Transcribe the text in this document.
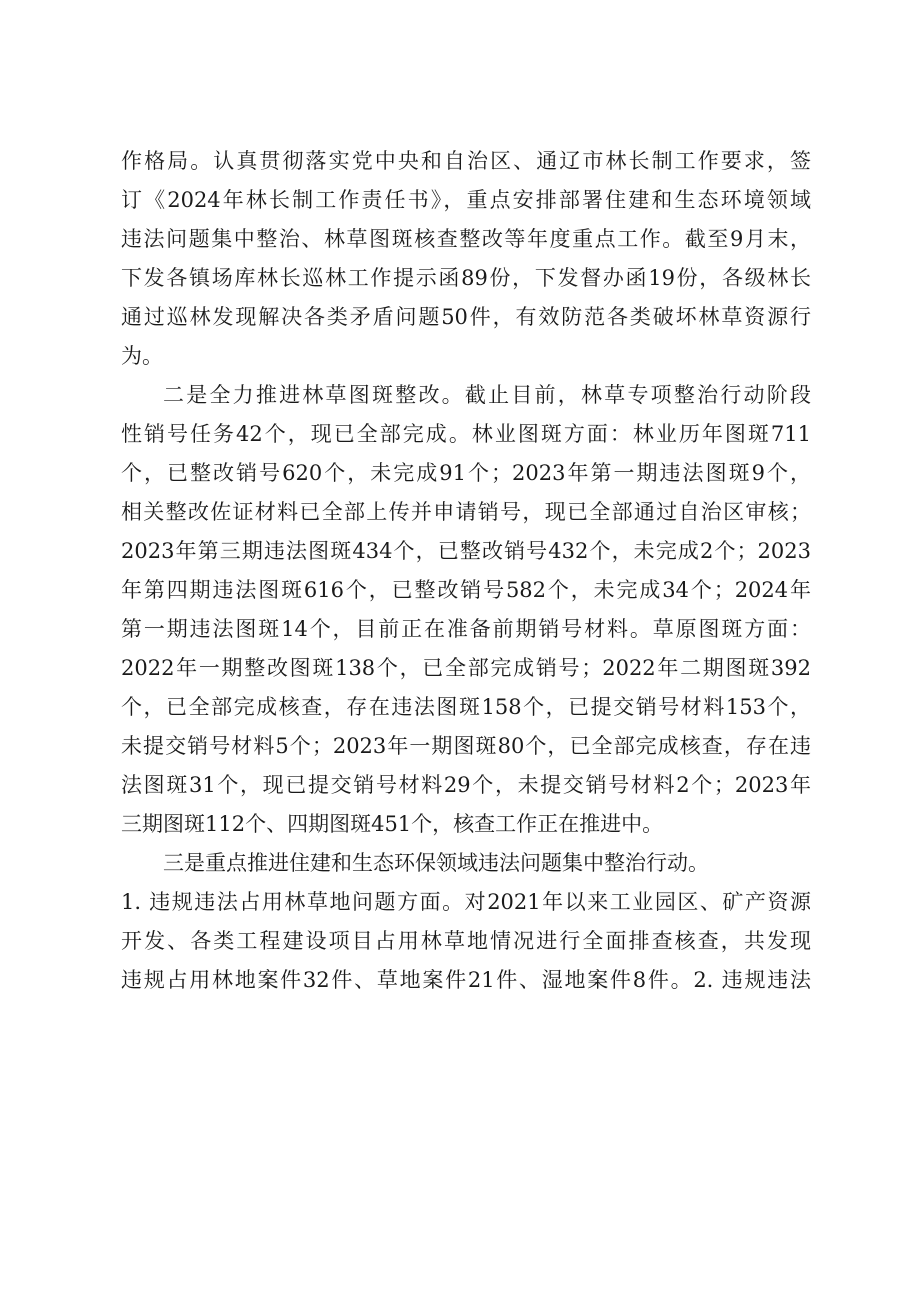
作格局。认真贯彻落实党中央和自治区、通辽市林长制工作要求，签
订《2024年林长制工作责任书》，重点安排部署住建和生态环境领域
违法问题集中整治、林草图斑核查整改等年度重点工作。截至9月末，
下发各镇场库林长巡林工作提示函89份，下发督办函19份，各级林长
通过巡林发现解决各类矛盾问题50件，有效防范各类破坏林草资源行
为。
二是全力推进林草图斑整改。截止目前，林草专项整治行动阶段
性销号任务42个，现已全部完成。林业图斑方面：林业历年图斑711
个，已整改销号620个，未完成91个；2023年第一期违法图斑9个，
相关整改佐证材料已全部上传并申请销号，现已全部通过自治区审核；
2023年第三期违法图斑434个，已整改销号432个，未完成2个；2023
年第四期违法图斑616个，已整改销号582个，未完成34个；2024年
第一期违法图斑14个，目前正在准备前期销号材料。草原图斑方面：
2022年一期整改图斑138个，已全部完成销号；2022年二期图斑392
个，已全部完成核查，存在违法图斑158个，已提交销号材料153个，
未提交销号材料5个；2023年一期图斑80个，已全部完成核查，存在违
法图斑31个，现已提交销号材料29个，未提交销号材料2个；2023年
三期图斑112个、四期图斑451个，核查工作正在推进中。
三是重点推进住建和生态环保领域违法问题集中整治行动。
1. 违规违法占用林草地问题方面。对2021年以来工业园区、矿产资源
开发、各类工程建设项目占用林草地情况进行全面排查核查，共发现
违规占用林地案件32件、草地案件21件、湿地案件8件。2. 违规违法
